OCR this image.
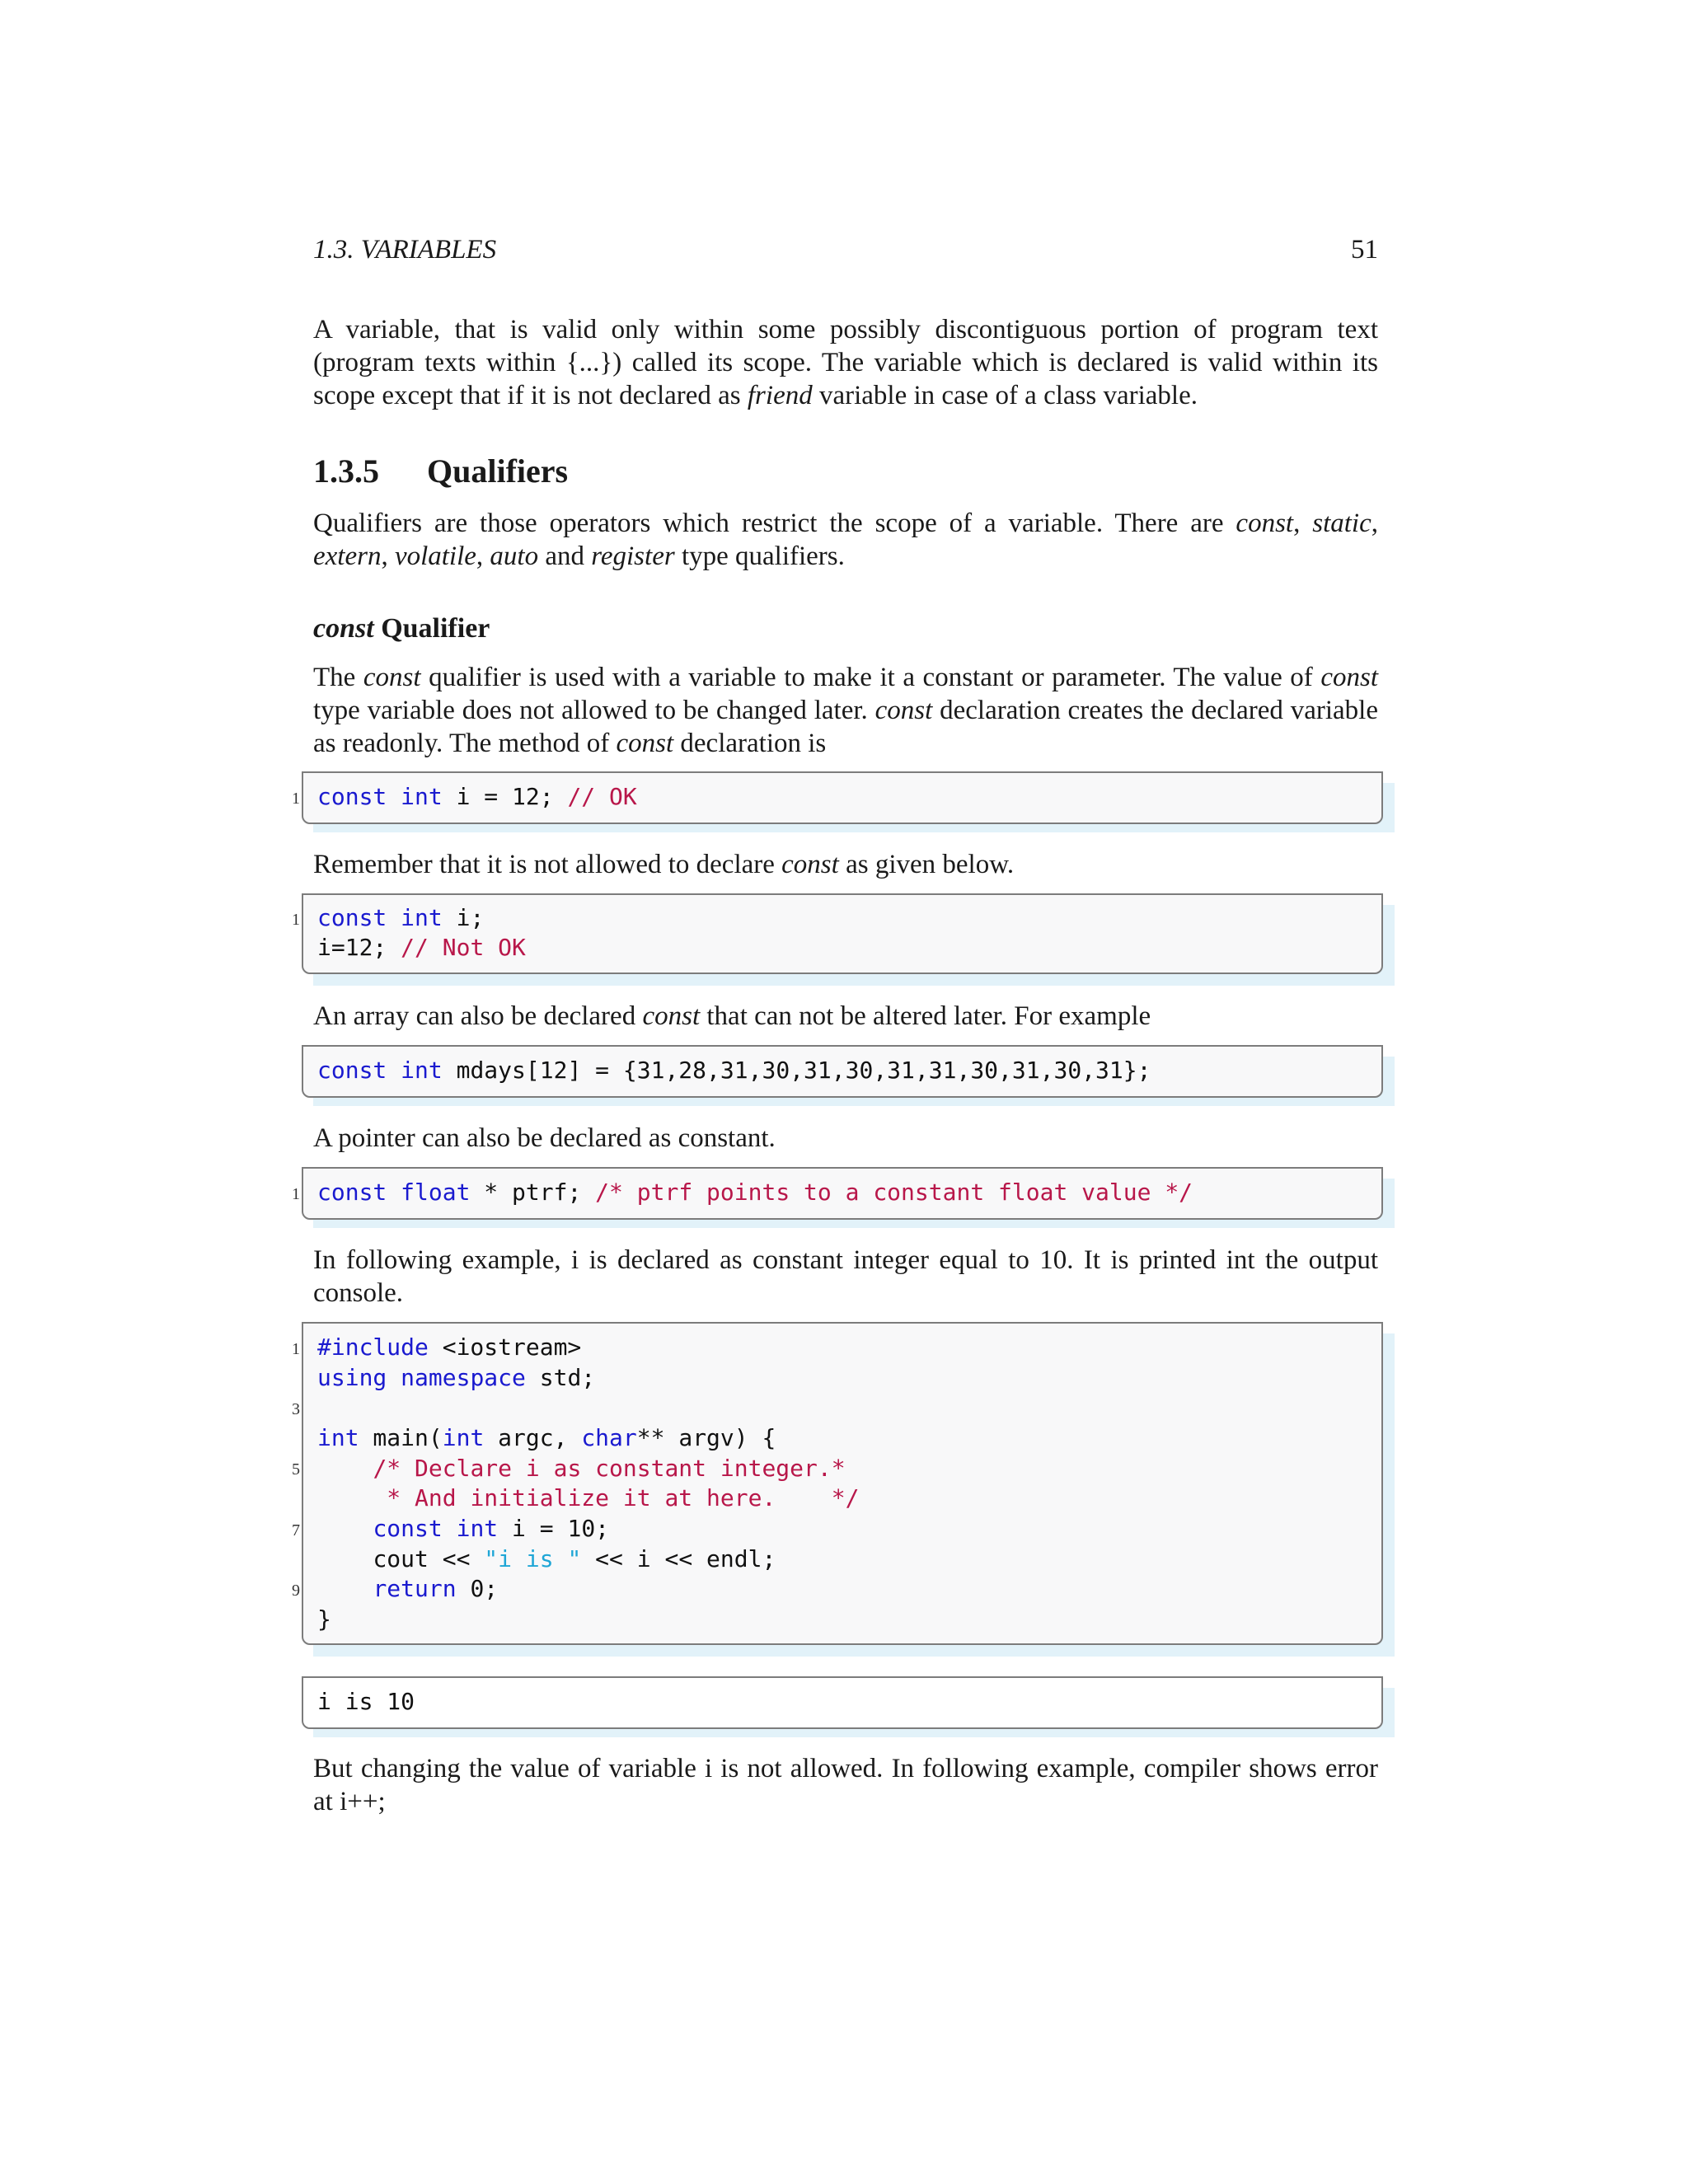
1.3. VARIABLES	51

A variable, that is valid only within some possibly discontiguous portion of program text (program texts within {...}) called its scope. The variable which is declared is valid within its scope except that if it is not declared as friend variable in case of a class variable.

1.3.5 Qualifiers

Qualifiers are those operators which restrict the scope of a variable. There are const, static, extern, volatile, auto and register type qualifiers.

const Qualifier

The const qualifier is used with a variable to make it a constant or parameter. The value of const type variable does not allowed to be changed later. const declaration creates the declared variable as readonly. The method of const declaration is

1 const int i = 12; // OK

Remember that it is not allowed to declare const as given below.

1 const int i;
i=12; // Not OK

An array can also be declared const that can not be altered later. For example

const int mdays[12] = {31,28,31,30,31,30,31,31,30,31,30,31};

A pointer can also be declared as constant.

1 const float * ptrf; /* ptrf points to a constant float value */

In following example, i is declared as constant integer equal to 10. It is printed int the output console.

1
3
5
7
9
#include <iostream>
using namespace std;
int main(int argc, char** argv) {
/* Declare i as constant integer.*
* And initialize it at here.    */
const int i = 10;
cout << "i is " << i << endl;
return 0;
}
i is 10

But changing the value of variable i is not allowed. In following example, compiler shows error at i++;
